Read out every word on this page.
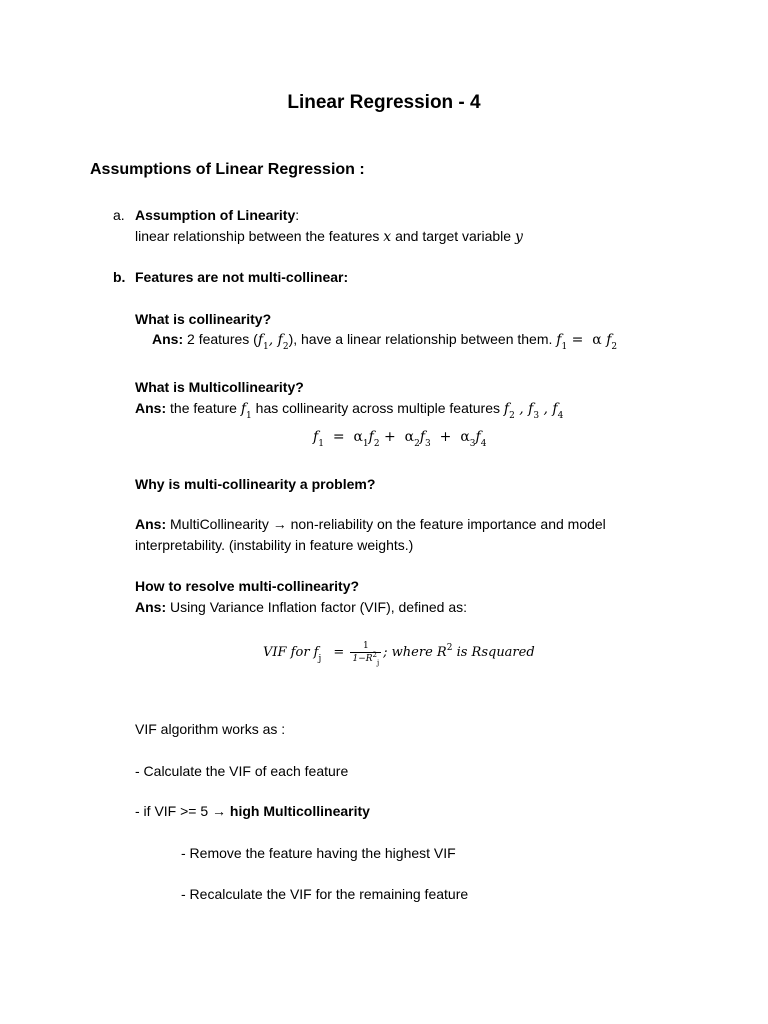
Linear Regression - 4
Assumptions of Linear Regression :
a. Assumption of Linearity:
linear relationship between the features x and target variable y
b. Features are not multi-collinear:
What is collinearity?
Ans: 2 features ($f_1$, $f_2$), have a linear relationship between them. $f_1 = \alpha$ $f_2$
What is Multicollinearity?
Ans: the feature $f_1$ has collinearity across multiple features $f_2$ , $f_3$ , $f_4$
$f_1 = \alpha_1f_2 + \alpha_2f_3 + \alpha_3f_4$
Why is multi-collinearity a problem?
Ans: MultiCollinearity → non-reliability on the feature importance and model
interpretability. (instability in feature weights.)
How to resolve multi-collinearity?
Ans: Using Variance Inflation factor (VIF), defined as:
VIF for $f_j = \frac{1}{1-R^2_j}$ ; where $R^2$ is Rsquared
VIF algorithm works as :
- Calculate the VIF of each feature
- if VIF >= 5 → high Multicollinearity
- Remove the feature having the highest VIF
- Recalculate the VIF for the remaining feature
